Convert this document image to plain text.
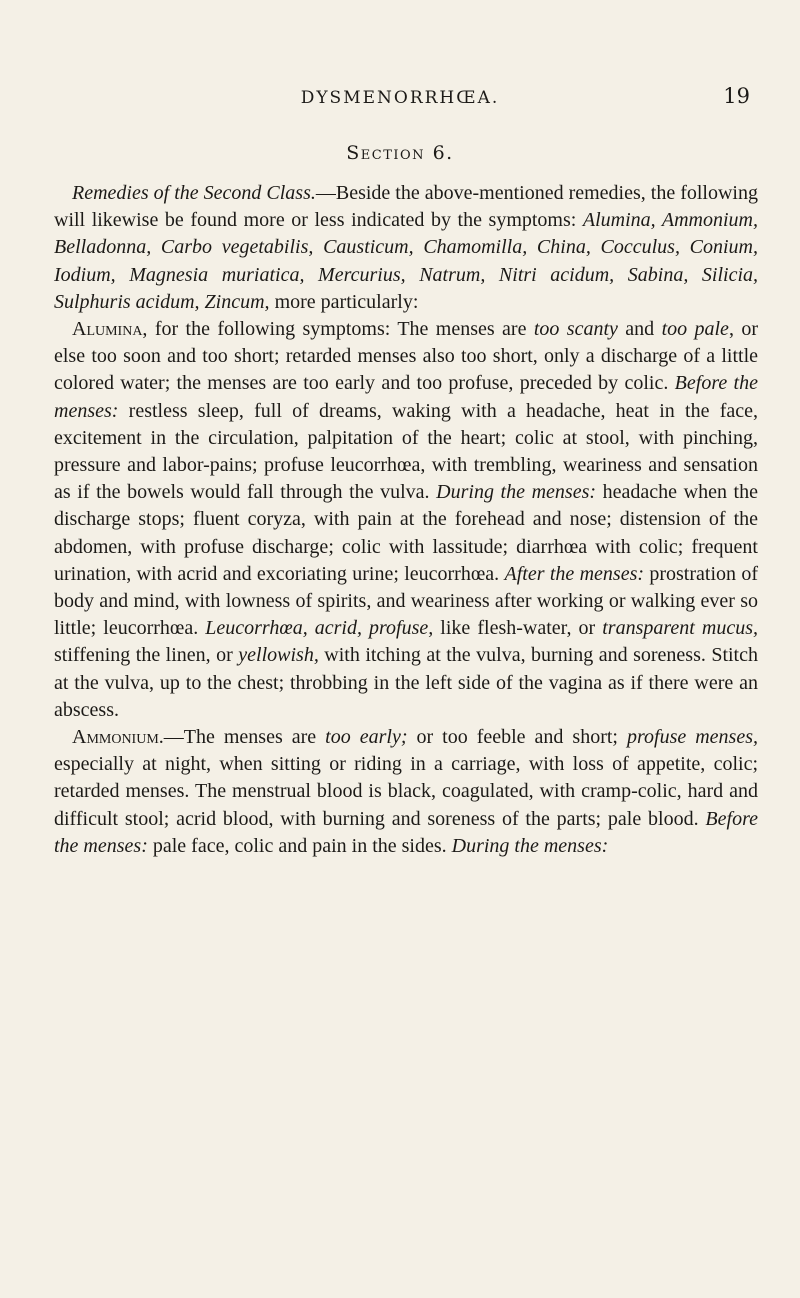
DYSMENORRHŒA.	19
Section 6.

Remedies of the Second Class.—Beside the above-mentioned remedies, the following will likewise be found more or less indicated by the symptoms: Alumina, Ammonium, Belladonna, Carbo vegetabilis, Causticum, Chamomilla, China, Cocculus, Conium, Iodium, Magnesia muriatica, Mercurius, Natrum, Nitri acidum, Sabina, Silicia, Sulphuris acidum, Zincum, more particularly:

Alumina, for the following symptoms: The menses are too scanty and too pale, or else too soon and too short; retarded menses also too short, only a discharge of a little colored water; the menses are too early and too profuse, preceded by colic. Before the menses: restless sleep, full of dreams, waking with a headache, heat in the face, excitement in the circulation, palpitation of the heart; colic at stool, with pinching, pressure and labor-pains; profuse leucorrhœa, with trembling, weariness and sensation as if the bowels would fall through the vulva. During the menses: headache when the discharge stops; fluent coryza, with pain at the forehead and nose; distension of the abdomen, with profuse discharge; colic with lassitude; diarrhœa with colic; frequent urination, with acrid and excoriating urine; leucorrhœa. After the menses: prostration of body and mind, with lowness of spirits, and weariness after working or walking ever so little; leucorrhœa. Leucorrhœa, acrid, profuse, like flesh-water, or transparent mucus, stiffening the linen, or yellowish, with itching at the vulva, burning and soreness. Stitch at the vulva, up to the chest; throbbing in the left side of the vagina as if there were an abscess.

Ammonium.—The menses are too early; or too feeble and short; profuse menses, especially at night, when sitting or riding in a carriage, with loss of appetite, colic; retarded menses. The menstrual blood is black, coagulated, with cramp-colic, hard and difficult stool; acrid blood, with burning and soreness of the parts; pale blood. Before the menses: pale face, colic and pain in the sides. During the menses:
